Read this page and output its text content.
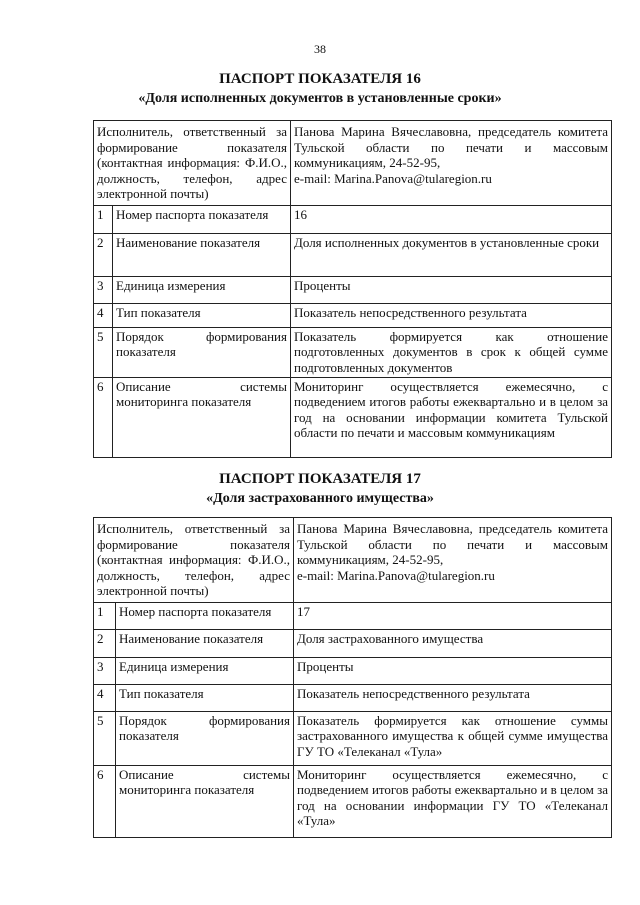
38
ПАСПОРТ ПОКАЗАТЕЛЯ 16
«Доля исполненных документов в установленные сроки»
Исполнитель, ответственный за формирование показателя (контактная информация: Ф.И.О., должность, телефон, адрес электронной почты)		Панова Марина Вячеславовна, председатель комитета Тульской области по печати и массовым коммуникациям, 24-52-95,
e-mail: Marina.Panova@tularegion.ru

1	Номер паспорта показателя	16
2	Наименование показателя	Доля исполненных документов в установленные сроки
3	Единица измерения	Проценты
4	Тип показателя	Показатель непосредственного результата
5	Порядок формирования показателя	Показатель формируется как отношение подготовленных документов в срок к общей сумме подготовленных документов
6	Описание системы мониторинга показателя	Мониторинг осуществляется ежемесячно, с подведением итогов работы ежеквартально и в целом за год на основании информации комитета Тульской области по печати и массовым коммуникациям
ПАСПОРТ ПОКАЗАТЕЛЯ 17
«Доля застрахованного имущества»
Исполнитель, ответственный за формирование показателя (контактная информация: Ф.И.О., должность, телефон, адрес электронной почты)		Панова Марина Вячеславовна, председатель комитета Тульской области по печати и массовым коммуникациям, 24-52-95,
e-mail: Marina.Panova@tularegion.ru

1	Номер паспорта показателя	17
2	Наименование показателя	Доля застрахованного имущества
3	Единица измерения	Проценты
4	Тип показателя	Показатель непосредственного результата
5	Порядок формирования показателя	Показатель формируется как отношение суммы застрахованного имущества к общей сумме имущества ГУ ТО «Телеканал «Тула»
6	Описание системы мониторинга показателя	Мониторинг осуществляется ежемесячно, с подведением итогов работы ежеквартально и в целом за год на основании информации ГУ ТО «Телеканал «Тула»
